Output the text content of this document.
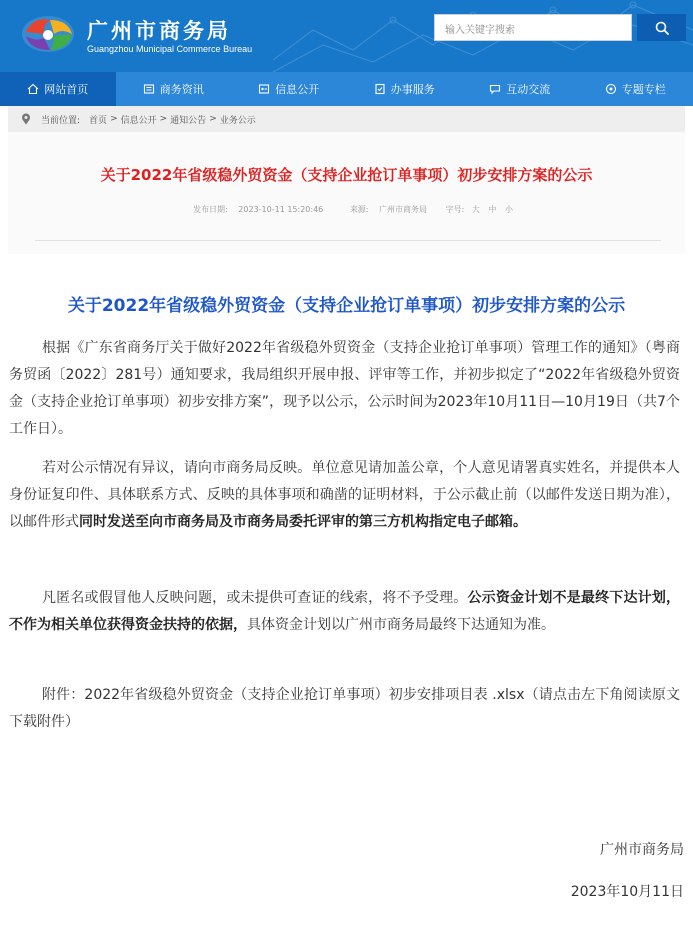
广州市商务局
Guangzhou Municipal Commerce Bureau
输入关键字搜索
网站首页	商务资讯	信息公开	办事服务	互动交流	专题专栏
当前位置: 首页 > 信息公开 > 通知公告 > 业务公示
关于2022年省级稳外贸资金（支持企业抢订单事项）初步安排方案的公示
发布日期: 2023-10-11 15:20:46	来源: 广州市商务局 字号: 大 中 小
关于2022年省级稳外贸资金（支持企业抢订单事项）初步安排方案的公示

根据《广东省商务厅关于做好2022年省级稳外贸资金（支持企业抢订单事项）管理工作的通知》（粤商务贸函〔2022〕281号）通知要求，我局组织开展申报、评审等工作，并初步拟定了“2022年省级稳外贸资金（支持企业抢订单事项）初步安排方案”，现予以公示，公示时间为2023年10月11日—10月19日（共7个工作日）。

若对公示情况有异议，请向市商务局反映。单位意见请加盖公章，个人意见请署真实姓名，并提供本人身份证复印件、具体联系方式、反映的具体事项和确凿的证明材料，于公示截止前（以邮件发送日期为准），以邮件形式同时发送至向市商务局及市商务局委托评审的第三方机构指定电子邮箱。

凡匿名或假冒他人反映问题，或未提供可查证的线索，将不予受理。公示资金计划不是最终下达计划，不作为相关单位获得资金扶持的依据，具体资金计划以广州市商务局最终下达通知为准。

附件：2022年省级稳外贸资金（支持企业抢订单事项）初步安排项目表 .xlsx（请点击左下角阅读原文下载附件）

广州市商务局
2023年10月11日
